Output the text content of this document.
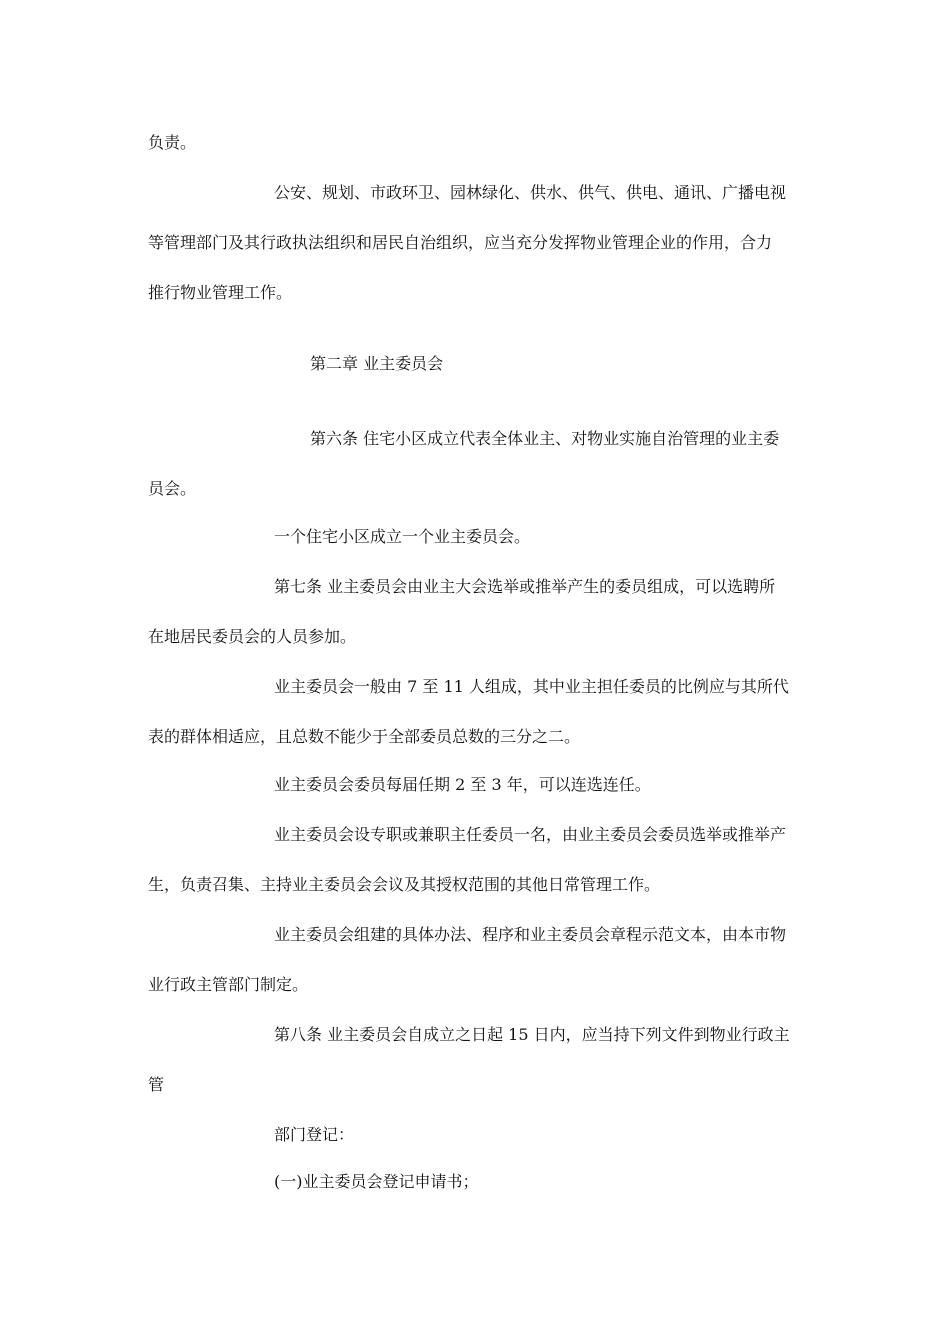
负责。

公安、规划、市政环卫、园林绿化、供水、供气、供电、通讯、广播电视

等管理部门及其行政执法组织和居民自治组织，应当充分发挥物业管理企业的作用，合力

推行物业管理工作。

第二章 业主委员会

第六条 住宅小区成立代表全体业主、对物业实施自治管理的业主委

员会。

一个住宅小区成立一个业主委员会。

第七条 业主委员会由业主大会选举或推举产生的委员组成，可以选聘所

在地居民委员会的人员参加。

业主委员会一般由 7 至 11 人组成，其中业主担任委员的比例应与其所代

表的群体相适应，且总数不能少于全部委员总数的三分之二。

业主委员会委员每届任期 2 至 3 年，可以连选连任。

业主委员会设专职或兼职主任委员一名，由业主委员会委员选举或推举产

生，负责召集、主持业主委员会会议及其授权范围的其他日常管理工作。

业主委员会组建的具体办法、程序和业主委员会章程示范文本，由本市物

业行政主管部门制定。

第八条 业主委员会自成立之日起 15 日内，应当持下列文件到物业行政主

管

部门登记：

(一)业主委员会登记申请书；
